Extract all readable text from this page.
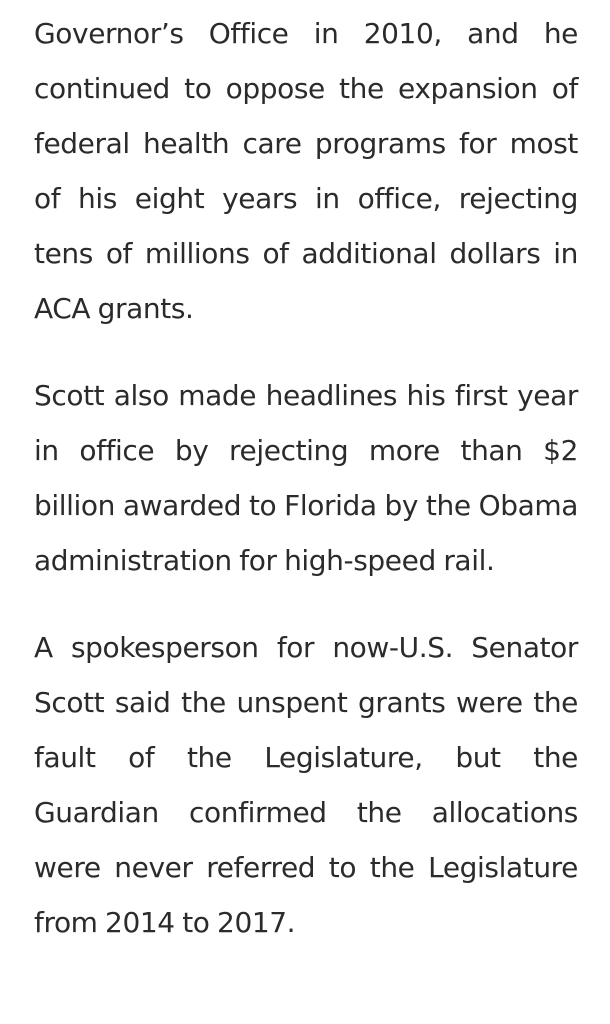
Governor’s Office in 2010, and he continued to oppose the expansion of federal health care programs for most of his eight years in office, rejecting tens of millions of additional dollars in ACA grants.

Scott also made headlines his first year in office by rejecting more than $2 billion awarded to Florida by the Obama administration for high-speed rail.

A spokesperson for now-U.S. Senator Scott said the unspent grants were the fault of the Legislature, but the Guardian confirmed the allocations were never referred to the Legislature from 2014 to 2017.
